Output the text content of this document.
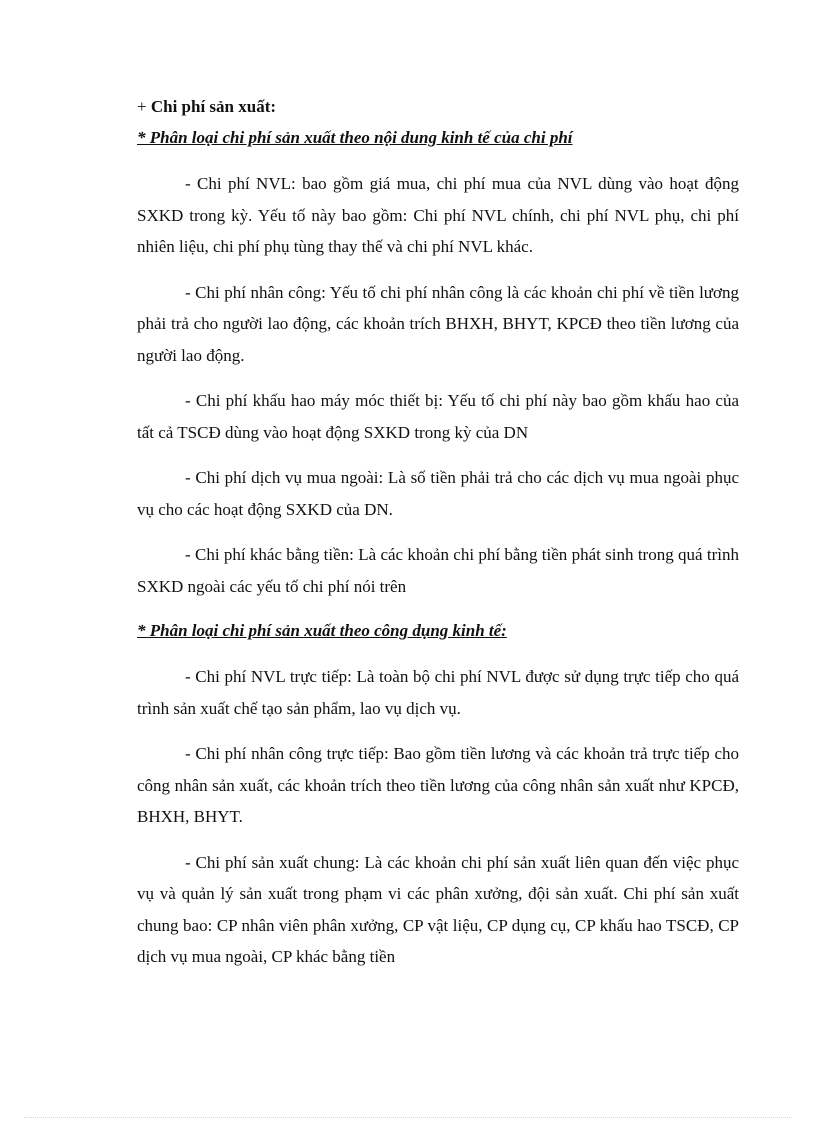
+ Chi phí sản xuất:

* Phân loại chi phí sản xuất theo nội dung kinh tế của chi phí

- Chi phí NVL: bao gồm giá mua, chi phí mua của NVL dùng vào hoạt động SXKD trong kỳ. Yếu tố này bao gồm: Chi phí NVL chính, chi phí NVL phụ, chi phí nhiên liệu, chi phí phụ tùng thay thế và chi phí NVL khác.

- Chi phí nhân công: Yếu tố chi phí nhân công là các khoản chi phí về tiền lương phải trả cho người lao động, các khoản trích BHXH, BHYT, KPCĐ theo tiền lương của người lao động.

- Chi phí khấu hao máy móc thiết bị: Yếu tố chi phí này bao gồm khấu hao của tất cả TSCĐ dùng vào hoạt động SXKD trong kỳ của DN

- Chi phí dịch vụ mua ngoài: Là số tiền phải trả cho các dịch vụ mua ngoài phục vụ cho các hoạt động SXKD của DN.

- Chi phí khác bằng tiền: Là các khoản chi phí bằng tiền phát sinh trong quá trình SXKD ngoài các yếu tố chi phí nói trên

* Phân loại chi phí sản xuất theo công dụng kinh tế:

- Chi phí NVL trực tiếp: Là toàn bộ chi phí NVL được sử dụng trực tiếp cho quá trình sản xuất chế tạo sản phẩm, lao vụ dịch vụ.

- Chi phí nhân công trực tiếp: Bao gồm tiền lương và các khoản trả trực tiếp cho công nhân sản xuất, các khoản trích theo tiền lương của công nhân sản xuất như KPCĐ, BHXH, BHYT.

- Chi phí sản xuất chung: Là các khoản chi phí sản xuất liên quan đến việc phục vụ và quản lý sản xuất trong phạm vi các phân xưởng, đội sản xuất. Chi phí sản xuất chung bao: CP nhân viên phân xưởng, CP vật liệu, CP dụng cụ, CP khấu hao TSCĐ, CP dịch vụ mua ngoài, CP khác bằng tiền
